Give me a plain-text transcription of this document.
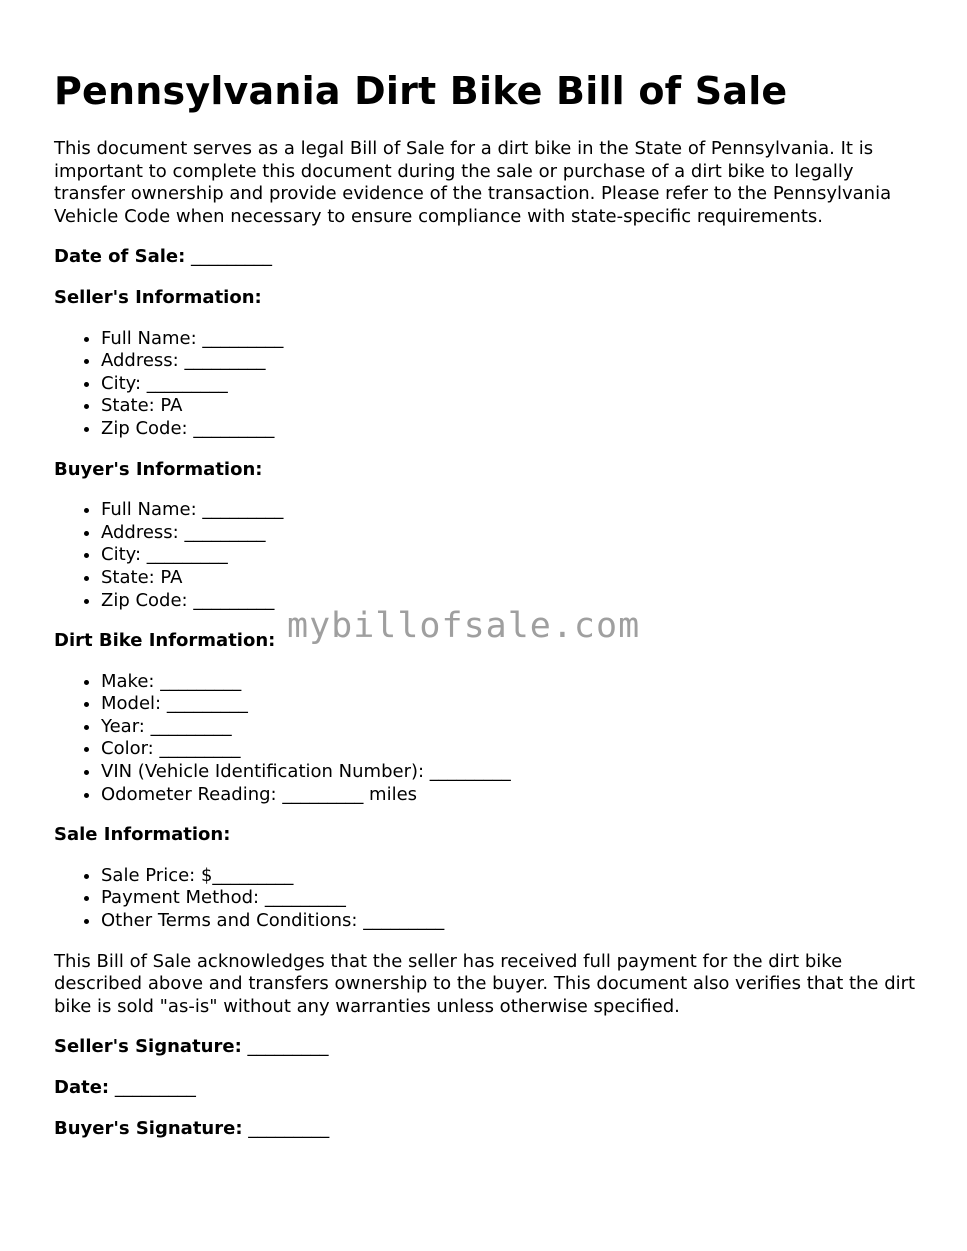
Pennsylvania Dirt Bike Bill of Sale

This document serves as a legal Bill of Sale for a dirt bike in the State of Pennsylvania. It is important to complete this document during the sale or purchase of a dirt bike to legally transfer ownership and provide evidence of the transaction. Please refer to the Pennsylvania Vehicle Code when necessary to ensure compliance with state-specific requirements.

Date of Sale: _________
Seller's Information:
• Full Name: _________
• Address: _________
• City: _________
• State: PA
• Zip Code: _________
Buyer's Information:
• Full Name: _________
• Address: _________
• City: _________
• State: PA
• Zip Code: _________
Dirt Bike Information:
• Make: _________
• Model: _________
• Year: _________
• Color: _________
• VIN (Vehicle Identification Number): _________
• Odometer Reading: _________ miles
Sale Information:
• Sale Price: $_________
• Payment Method: _________
• Other Terms and Conditions: _________

This Bill of Sale acknowledges that the seller has received full payment for the dirt bike described above and transfers ownership to the buyer. This document also verifies that the dirt bike is sold "as-is" without any warranties unless otherwise specified.

Seller's Signature: _________
Date: _________
Buyer's Signature: _________
mybillofsale.com
